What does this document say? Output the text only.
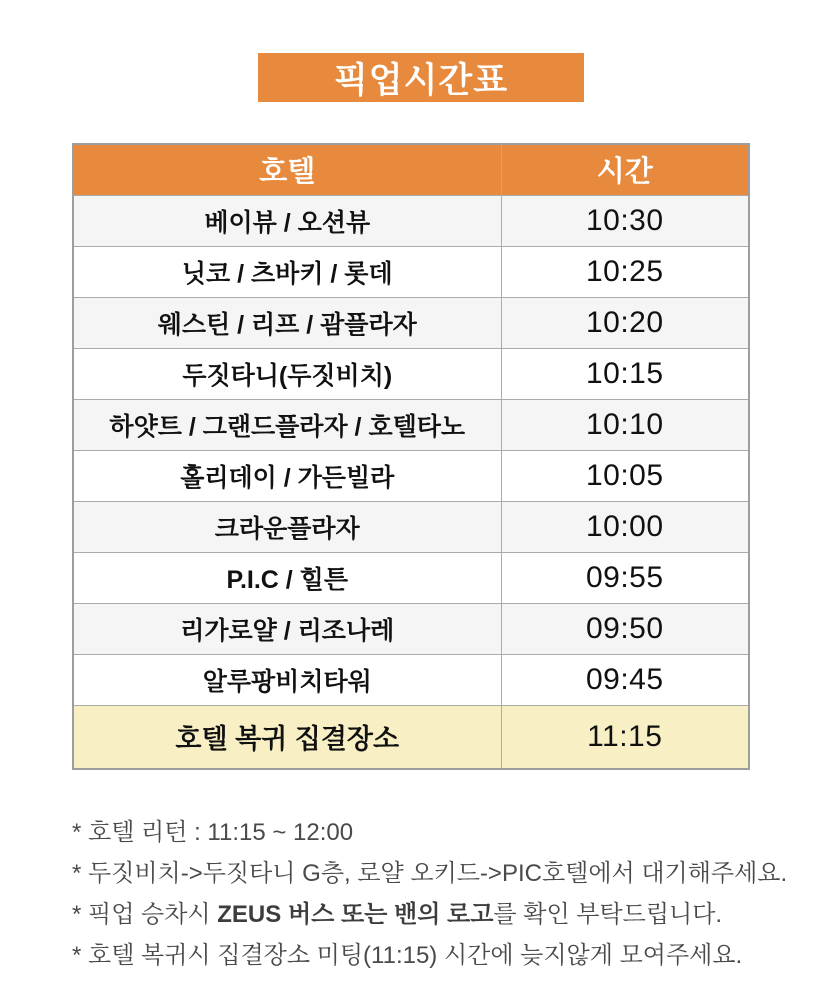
픽업시간표
호텔	시간
베이뷰 / 오션뷰	10:30
닛코 / 츠바키 / 롯데	10:25
웨스틴 / 리프 / 괌플라자	10:20
두짓타니(두짓비치)	10:15
하얏트 / 그랜드플라자 / 호텔타노	10:10
홀리데이 / 가든빌라	10:05
크라운플라자	10:00
P.I.C / 힐튼	09:55
리가로얄 / 리조나레	09:50
알루팡비치타워	09:45
호텔 복귀 집결장소	11:15
* 호텔 리턴 : 11:15 ~ 12:00
* 두짓비치->두짓타니 G층, 로얄 오키드->PIC호텔에서 대기해주세요.
* 픽업 승차시 ZEUS 버스 또는 밴의 로고를 확인 부탁드립니다.
* 호텔 복귀시 집결장소 미팅(11:15) 시간에 늦지않게 모여주세요.
